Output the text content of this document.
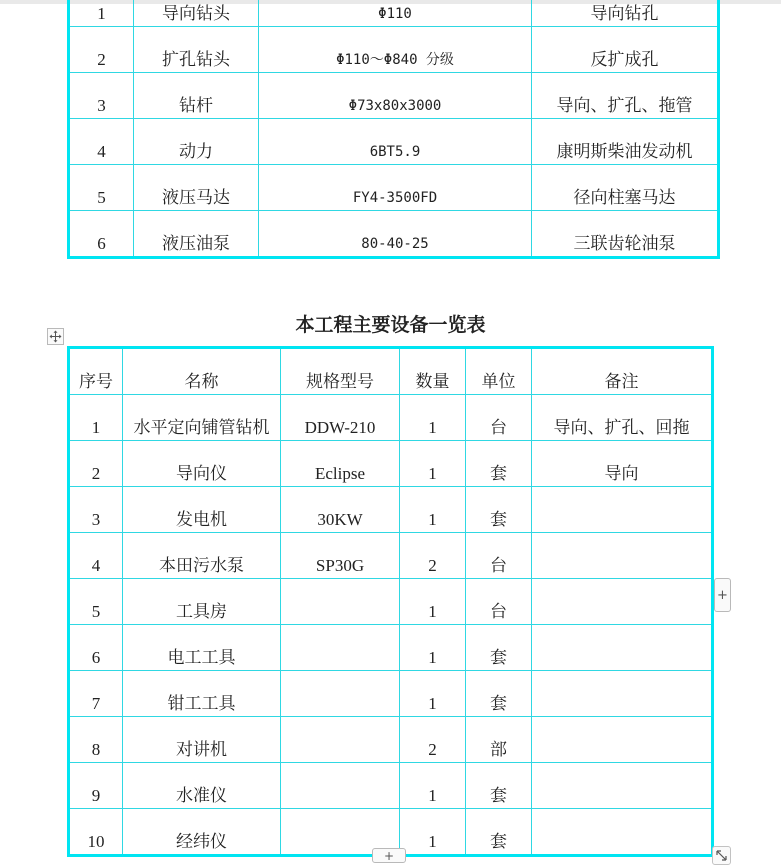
1	导向钻头	Φ110	导向钻孔
2	扩孔钻头	Φ110～Φ840 分级	反扩成孔
3	钻杆	Φ73x80x3000	导向、扩孔、拖管
4	动力	6BT5.9	康明斯柴油发动机
5	液压马达	FY4-3500FD	径向柱塞马达
6	液压油泵	80-40-25	三联齿轮油泵
本工程主要设备一览表
序号	名称	规格型号	数量	单位	备注
1	水平定向铺管钻机	DDW-210	1	台	导向、扩孔、回拖
2	导向仪	Eclipse	1	套	导向
3	发电机	30KW	1	套	
4	本田污水泵	SP30G	2	台	
5	工具房		1	台	
6	电工工具		1	套	
7	钳工工具		1	套	
8	对讲机		2	部	
9	水准仪		1	套	
10	经纬仪		1	套	
+
+
